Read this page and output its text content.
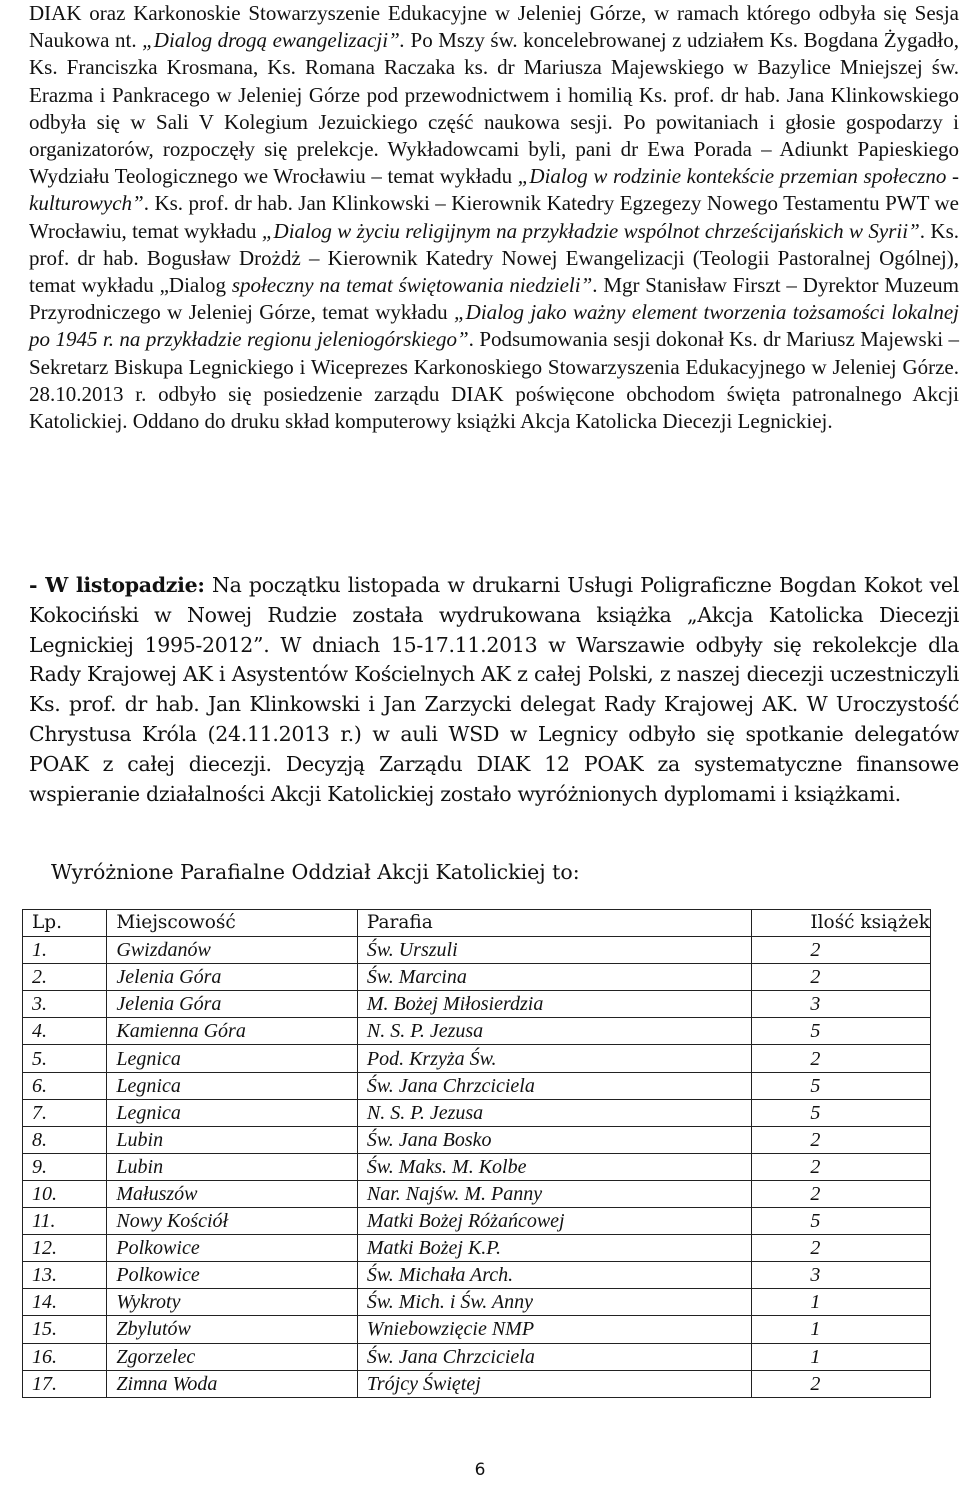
DIAK oraz Karkonoskie Stowarzyszenie Edukacyjne w Jeleniej Górze, w ramach którego odbyła się Sesja Naukowa nt. „Dialog drogą ewangelizacji”. Po Mszy św. koncelebrowanej z udziałem Ks. Bogdana Żygadło, Ks. Franciszka Krosmana, Ks. Romana Raczaka ks. dr Mariusza Majewskiego w Bazylice Mniejszej św. Erazma i Pankracego w Jeleniej Górze pod przewodnictwem i homilią Ks. prof. dr hab. Jana Klinkowskiego odbyła się w Sali V Kolegium Jezuickiego część naukowa sesji. Po powitaniach i głosie gospodarzy i organizatorów, rozpoczęły się prelekcje. Wykładowcami byli, pani dr Ewa Porada – Adiunkt Papieskiego Wydziału Teologicznego we Wrocławiu – temat wykładu „Dialog w rodzinie kontekście przemian społeczno - kulturowych”. Ks. prof. dr hab. Jan Klinkowski – Kierownik Katedry Egzegezy Nowego Testamentu PWT we Wrocławiu, temat wykładu „Dialog w życiu religijnym na przykładzie wspólnot chrześcijańskich w Syrii”. Ks. prof. dr hab. Bogusław Drożdż – Kierownik Katedry Nowej Ewangelizacji (Teologii Pastoralnej Ogólnej), temat wykładu „Dialog społeczny na temat świętowania niedzieli”. Mgr Stanisław Firszt – Dyrektor Muzeum Przyrodniczego w Jeleniej Górze, temat wykładu „Dialog jako ważny element tworzenia tożsamości lokalnej po 1945 r. na przykładzie regionu jeleniogórskiego”. Podsumowania sesji dokonał Ks. dr Mariusz Majewski – Sekretarz Biskupa Legnickiego i Wiceprezes Karkonoskiego Stowarzyszenia Edukacyjnego w Jeleniej Górze. 28.10.2013 r. odbyło się posiedzenie zarządu DIAK poświęcone obchodom święta patronalnego Akcji Katolickiej. Oddano do druku skład komputerowy książki Akcja Katolicka Diecezji Legnickiej.

- W listopadzie: Na początku listopada w drukarni Usługi Poligraficzne Bogdan Kokot vel Kokociński w Nowej Rudzie została wydrukowana książka „Akcja Katolicka Diecezji Legnickiej 1995-2012”. W dniach 15-17.11.2013 w Warszawie odbyły się rekolekcje dla Rady Krajowej AK i Asystentów Kościelnych AK z całej Polski, z naszej diecezji uczestniczyli Ks. prof. dr hab. Jan Klinkowski i Jan Zarzycki delegat Rady Krajowej AK. W Uroczystość Chrystusa Króla (24.11.2013 r.) w auli WSD w Legnicy odbyło się spotkanie delegatów POAK z całej diecezji. Decyzją Zarządu DIAK 12 POAK za systematyczne finansowe wspieranie działalności Akcji Katolickiej zostało wyróżnionych dyplomami i książkami.

Wyróżnione Parafialne Oddział Akcji Katolickiej to:

Lp.	Miejscowość	Parafia	Ilość książek
1.	Gwizdanów	Św. Urszuli	2
2.	Jelenia Góra	Św. Marcina	2
3.	Jelenia Góra	M. Bożej Miłosierdzia	3
4.	Kamienna Góra	N. S. P. Jezusa	5
5.	Legnica	Pod. Krzyża Św.	2
6.	Legnica	Św. Jana Chrzciciela	5
7.	Legnica	N. S. P. Jezusa	5
8.	Lubin	Św. Jana Bosko	2
9.	Lubin	Św. Maks. M. Kolbe	2
10.	Małuszów	Nar. Najśw. M. Panny	2
11.	Nowy Kościół	Matki Bożej Różańcowej	5
12.	Polkowice	Matki Bożej K.P.	2
13.	Polkowice	Św. Michała Arch.	3
14.	Wykroty	Św. Mich. i Św. Anny	1
15.	Zbylutów	Wniebowzięcie NMP	1
16.	Zgorzelec	Św. Jana Chrzciciela	1
17.	Zimna Woda	Trójcy Świętej	2
6
